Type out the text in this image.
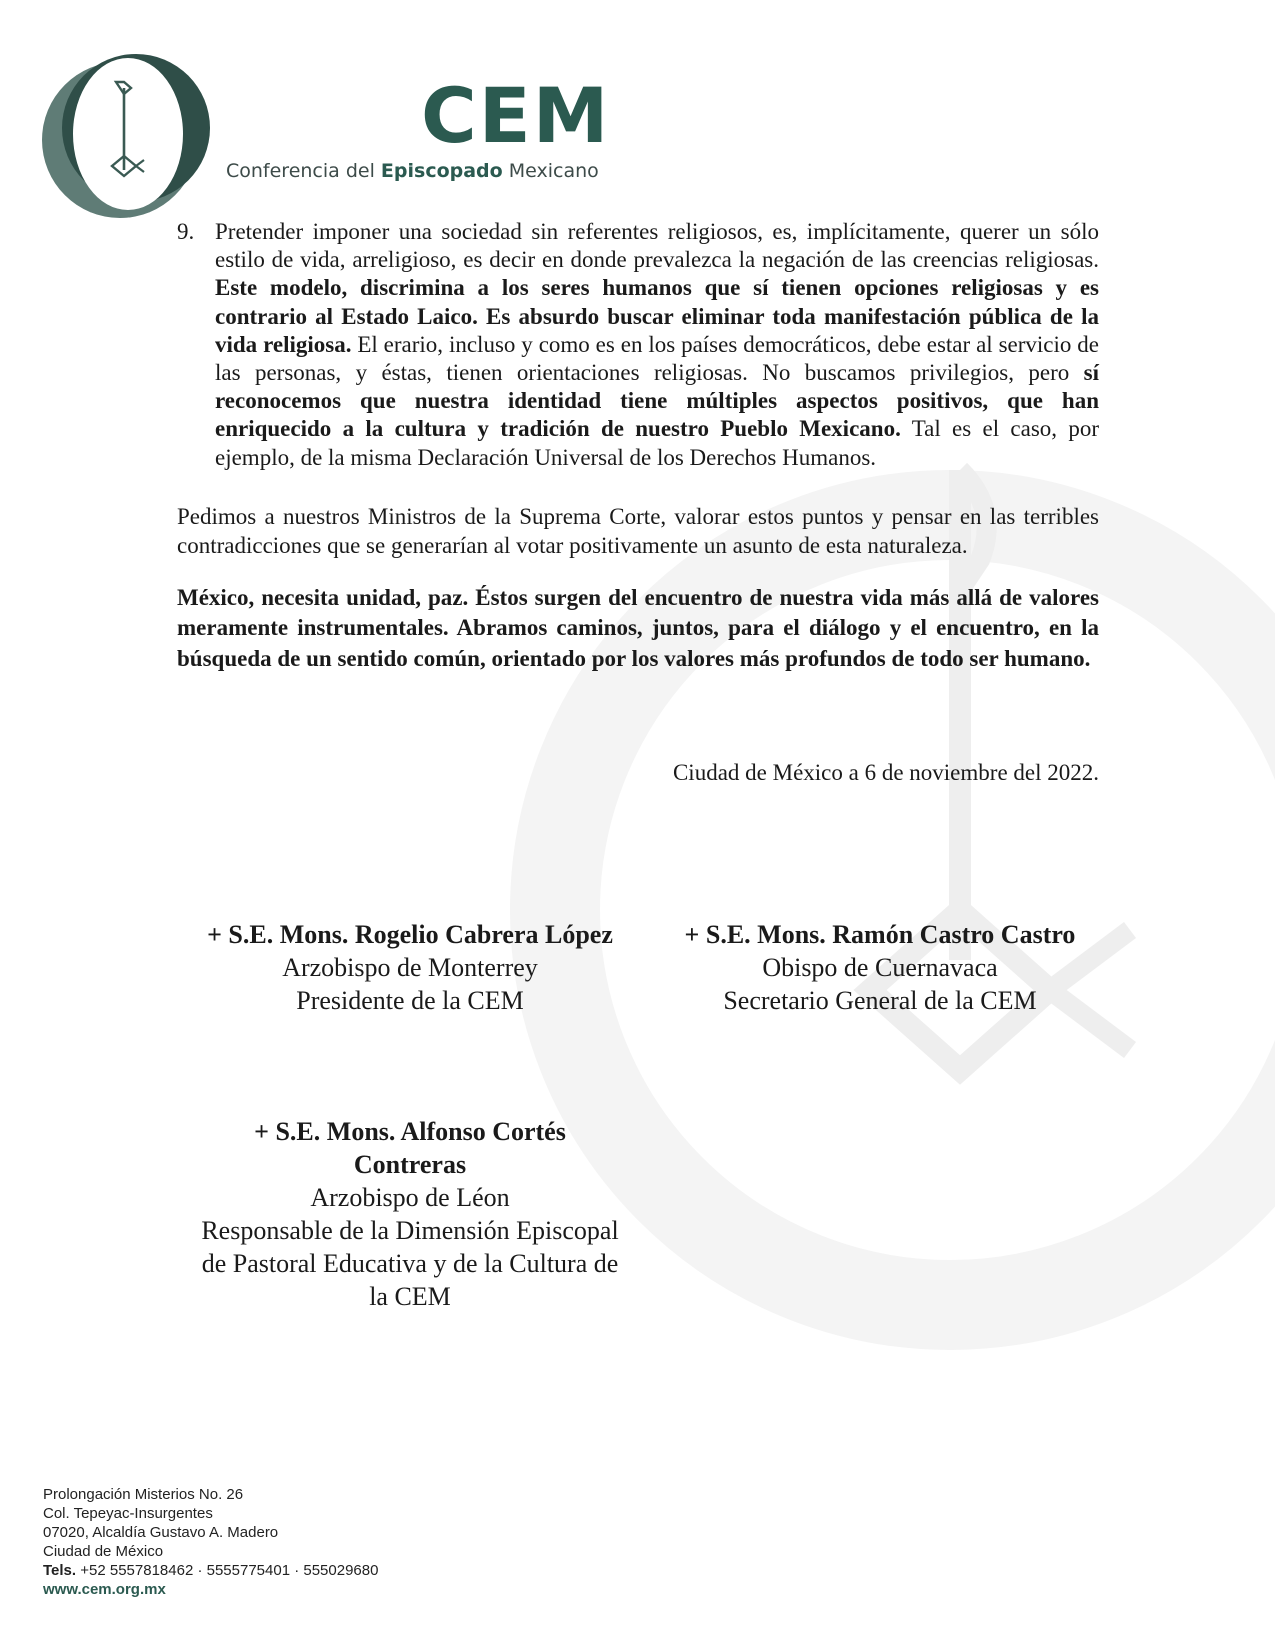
CEM
Conferencia del Episcopado Mexicano
9. Pretender imponer una sociedad sin referentes religiosos, es, implícitamente, querer un sólo estilo de vida, arreligioso, es decir en donde prevalezca la negación de las creencias religiosas. Este modelo, discrimina a los seres humanos que sí tienen opciones religiosas y es contrario al Estado Laico. Es absurdo buscar eliminar toda manifestación pública de la vida religiosa. El erario, incluso y como es en los países democráticos, debe estar al servicio de las personas, y éstas, tienen orientaciones religiosas. No buscamos privilegios, pero sí reconocemos que nuestra identidad tiene múltiples aspectos positivos, que han enriquecido a la cultura y tradición de nuestro Pueblo Mexicano. Tal es el caso, por ejemplo, de la misma Declaración Universal de los Derechos Humanos.

Pedimos a nuestros Ministros de la Suprema Corte, valorar estos puntos y pensar en las terribles contradicciones que se generarían al votar positivamente un asunto de esta naturaleza.

México, necesita unidad, paz. Éstos surgen del encuentro de nuestra vida más allá de valores meramente instrumentales. Abramos caminos, juntos, para el diálogo y el encuentro, en la búsqueda de un sentido común, orientado por los valores más profundos de todo ser humano.

Ciudad de México a 6 de noviembre del 2022.
+ S.E. Mons. Rogelio Cabrera López
Arzobispo de Monterrey
Presidente de la CEM
+ S.E. Mons. Ramón Castro Castro
Obispo de Cuernavaca
Secretario General de la CEM
+ S.E. Mons. Alfonso Cortés Contreras
Arzobispo de Léon
Responsable de la Dimensión Episcopal de Pastoral Educativa y de la Cultura de la CEM
Prolongación Misterios No. 26
Col. Tepeyac-Insurgentes
07020, Alcaldía Gustavo A. Madero
Ciudad de México
Tels. +52 5557818462 · 5555775401 · 555029680
www.cem.org.mx
